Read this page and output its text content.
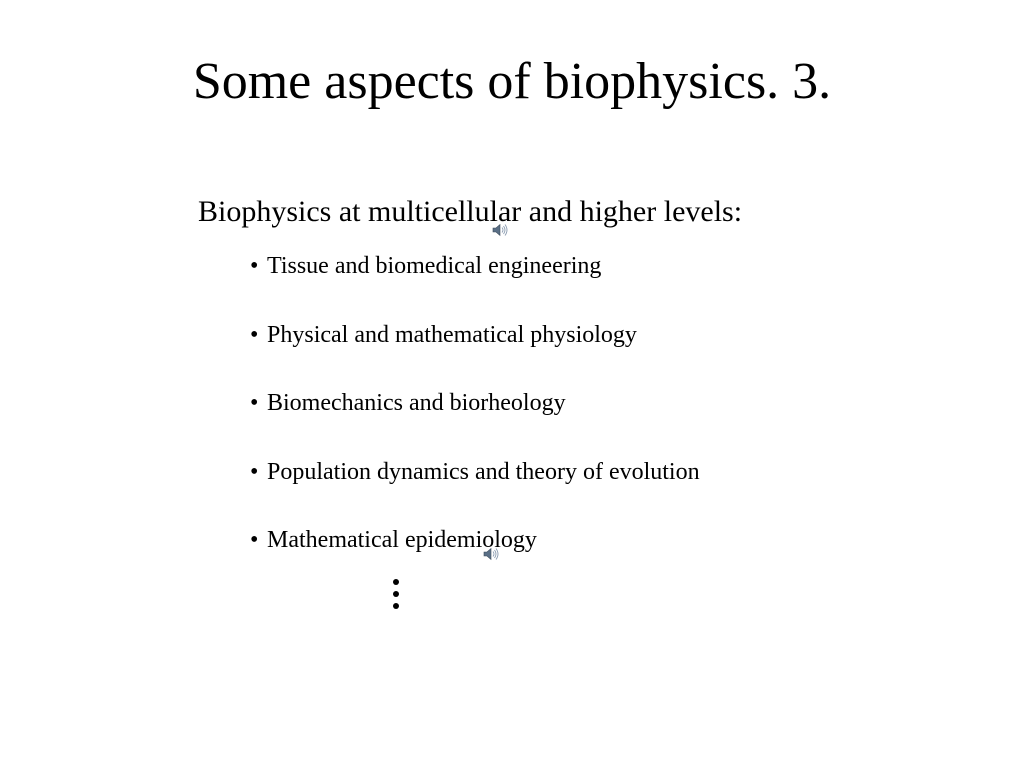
Some aspects of biophysics. 3.
Biophysics at multicellular and higher levels:
• Tissue and biomedical engineering
• Physical and mathematical physiology
• Biomechanics and biorheology
• Population dynamics and theory of evolution
• Mathematical epidemiology
